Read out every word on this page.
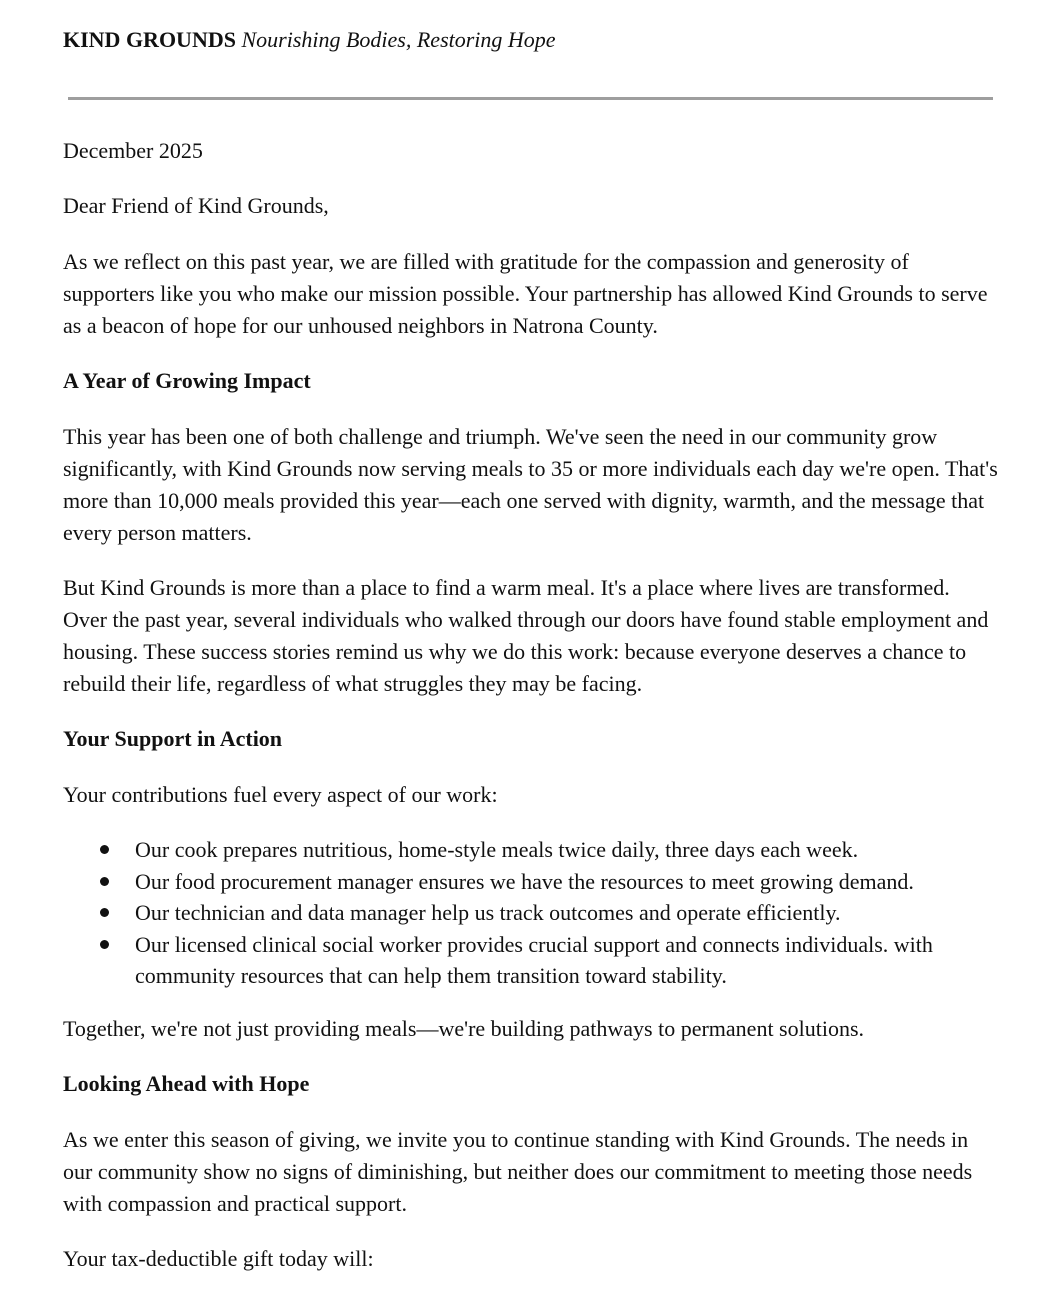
KIND GROUNDS Nourishing Bodies, Restoring Hope

December 2025

Dear Friend of Kind Grounds,

As we reflect on this past year, we are filled with gratitude for the compassion and generosity of supporters like you who make our mission possible. Your partnership has allowed Kind Grounds to serve as a beacon of hope for our unhoused neighbors in Natrona County.

A Year of Growing Impact

This year has been one of both challenge and triumph. We've seen the need in our community grow significantly, with Kind Grounds now serving meals to 35 or more individuals each day we're open. That's more than 10,000 meals provided this year—each one served with dignity, warmth, and the message that every person matters.

But Kind Grounds is more than a place to find a warm meal. It's a place where lives are transformed. Over the past year, several individuals who walked through our doors have found stable employment and housing. These success stories remind us why we do this work: because everyone deserves a chance to rebuild their life, regardless of what struggles they may be facing.

Your Support in Action

Your contributions fuel every aspect of our work:

Our cook prepares nutritious, home-style meals twice daily, three days each week.
Our food procurement manager ensures we have the resources to meet growing demand.
Our technician and data manager help us track outcomes and operate efficiently.
Our licensed clinical social worker provides crucial support and connects individuals. with community resources that can help them transition toward stability.

Together, we're not just providing meals—we're building pathways to permanent solutions.

Looking Ahead with Hope

As we enter this season of giving, we invite you to continue standing with Kind Grounds. The needs in our community show no signs of diminishing, but neither does our commitment to meeting those needs with compassion and practical support.

Your tax-deductible gift today will:
